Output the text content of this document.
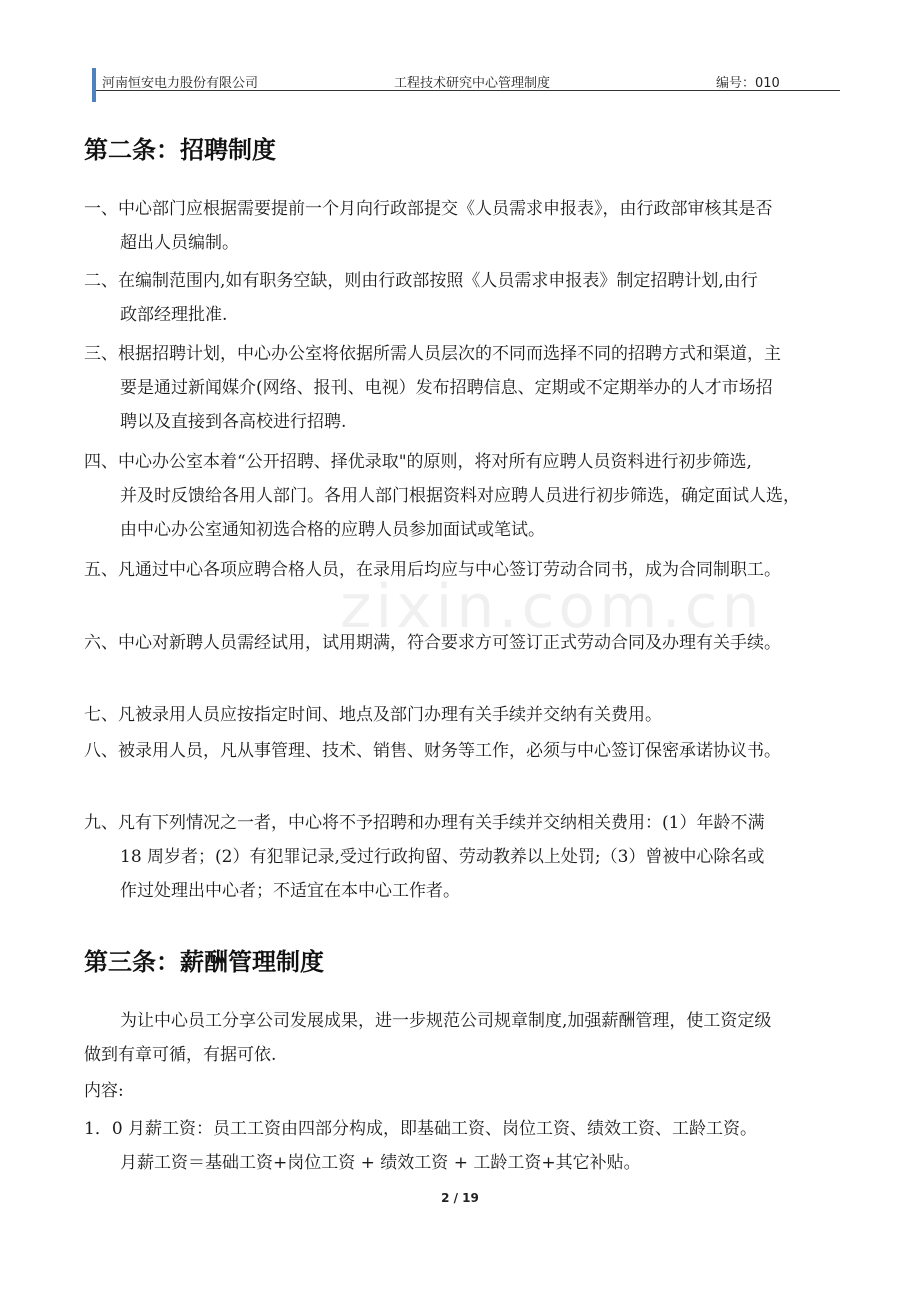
河南恒安电力股份有限公司	工程技术研究中心管理制度	编号：010
zixin.com.cn
第二条：招聘制度
一、中心部门应根据需要提前一个月向行政部提交《人员需求申报表》，由行政部审核其是否
超出人员编制。
二、在编制范围内,如有职务空缺，则由行政部按照《人员需求申报表》制定招聘计划,由行
政部经理批准.
三、根据招聘计划，中心办公室将依据所需人员层次的不同而选择不同的招聘方式和渠道，主
要是通过新闻媒介(网络、报刊、电视）发布招聘信息、定期或不定期举办的人才市场招
聘以及直接到各高校进行招聘.
四、中心办公室本着“公开招聘、择优录取"的原则，将对所有应聘人员资料进行初步筛选,
并及时反馈给各用人部门。各用人部门根据资料对应聘人员进行初步筛选，确定面试人选，
由中心办公室通知初选合格的应聘人员参加面试或笔试。
五、凡通过中心各项应聘合格人员，在录用后均应与中心签订劳动合同书，成为合同制职工。
六、中心对新聘人员需经试用，试用期满，符合要求方可签订正式劳动合同及办理有关手续。
七、凡被录用人员应按指定时间、地点及部门办理有关手续并交纳有关费用。
八、被录用人员，凡从事管理、技术、销售、财务等工作，必须与中心签订保密承诺协议书。
九、凡有下列情况之一者，中心将不予招聘和办理有关手续并交纳相关费用：(1）年龄不满
18 周岁者；(2）有犯罪记录,受过行政拘留、劳动教养以上处罚;（3）曾被中心除名或
作过处理出中心者；不适宜在本中心工作者。
第三条：薪酬管理制度
为让中心员工分享公司发展成果，进一步规范公司规章制度,加强薪酬管理，使工资定级
做到有章可循，有据可依.
内容:
1．0 月薪工资：员工工资由四部分构成，即基础工资、岗位工资、绩效工资、工龄工资。
月薪工资＝基础工资+岗位工资 + 绩效工资 + 工龄工资+其它补贴。
2 / 19
